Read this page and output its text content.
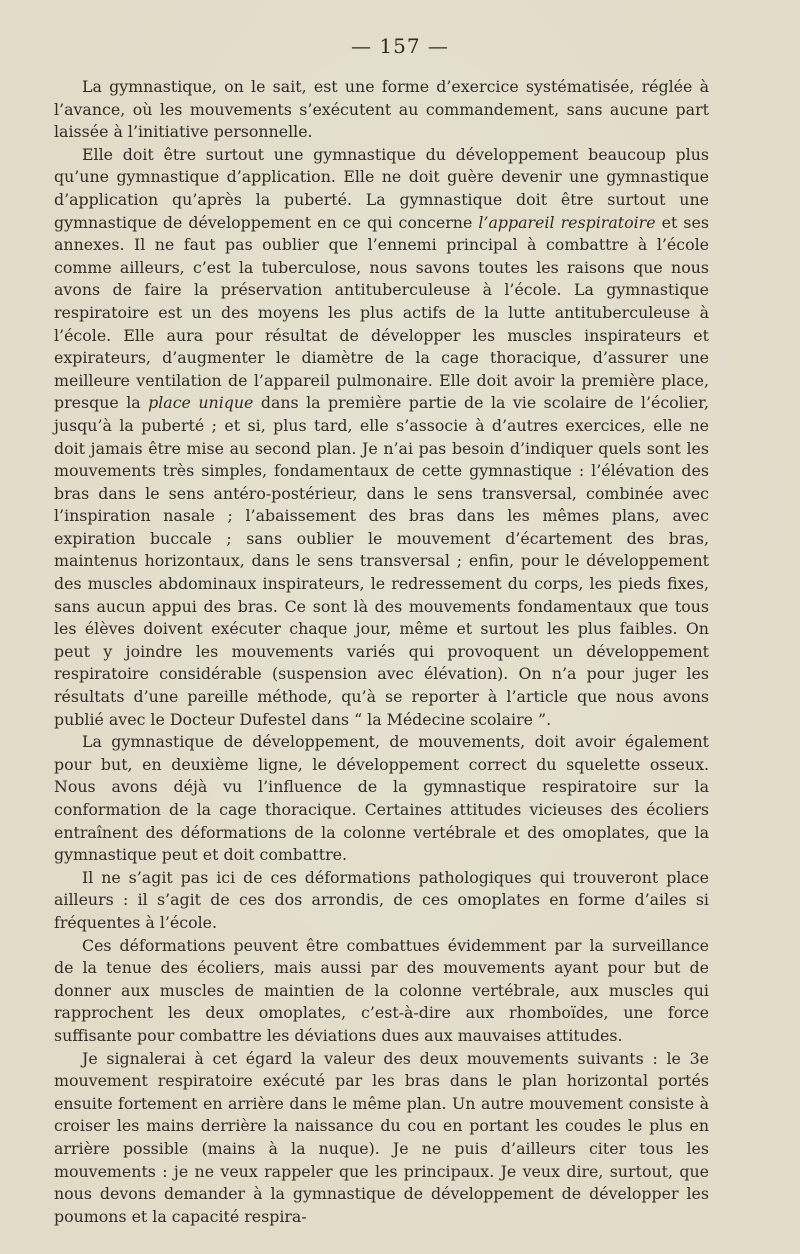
— 157 —

La gymnastique, on le sait, est une forme d’exercice systématisée, réglée à l’avance, où les mouvements s’exécutent au commandement, sans aucune part laissée à l’initiative personnelle.

Elle doit être surtout une gymnastique du développement beaucoup plus qu’une gymnastique d’application. Elle ne doit guère devenir une gymnastique d’application qu’après la puberté. La gymnastique doit être surtout une gymnastique de développement en ce qui concerne l’appareil respiratoire et ses annexes. Il ne faut pas oublier que l’ennemi principal à combattre à l’école comme ailleurs, c’est la tuberculose, nous savons toutes les raisons que nous avons de faire la préservation antituberculeuse à l’école. La gymnastique respiratoire est un des moyens les plus actifs de la lutte antituberculeuse à l’école. Elle aura pour résultat de développer les muscles inspirateurs et expirateurs, d’augmenter le diamètre de la cage thoracique, d’assurer une meilleure ventilation de l’appareil pulmonaire. Elle doit avoir la première place, presque la place unique dans la première partie de la vie scolaire de l’écolier, jusqu’à la puberté ; et si, plus tard, elle s’associe à d’autres exercices, elle ne doit jamais être mise au second plan. Je n’ai pas besoin d’indiquer quels sont les mouvements très simples, fondamentaux de cette gymnastique : l’élévation des bras dans le sens antéro-postérieur, dans le sens transversal, combinée avec l’inspiration nasale ; l’abaissement des bras dans les mêmes plans, avec expiration buccale ; sans oublier le mouvement d’écartement des bras, maintenus horizontaux, dans le sens transversal ; enfin, pour le développement des muscles abdominaux inspirateurs, le redressement du corps, les pieds fixes, sans aucun appui des bras. Ce sont là des mouvements fondamentaux que tous les élèves doivent exécuter chaque jour, même et surtout les plus faibles. On peut y joindre les mouvements variés qui provoquent un développement respiratoire considérable (suspension avec élévation). On n’a pour juger les résultats d’une pareille méthode, qu’à se reporter à l’article que nous avons publié avec le Docteur Dufestel dans “ la Médecine scolaire ”.

La gymnastique de développement, de mouvements, doit avoir également pour but, en deuxième ligne, le développement correct du squelette osseux. Nous avons déjà vu l’influence de la gymnastique respiratoire sur la conformation de la cage thoracique. Certaines attitudes vicieuses des écoliers entraînent des déformations de la colonne vertébrale et des omoplates, que la gymnastique peut et doit combattre.

Il ne s’agit pas ici de ces déformations pathologiques qui trouveront place ailleurs : il s’agit de ces dos arrondis, de ces omoplates en forme d’ailes si fréquentes à l’école.

Ces déformations peuvent être combattues évidemment par la surveillance de la tenue des écoliers, mais aussi par des mouvements ayant pour but de donner aux muscles de maintien de la colonne vertébrale, aux muscles qui rapprochent les deux omoplates, c’est-à-dire aux rhomboïdes, une force suffisante pour combattre les déviations dues aux mauvaises attitudes.

Je signalerai à cet égard la valeur des deux mouvements suivants : le 3e mouvement respiratoire exécuté par les bras dans le plan horizontal portés ensuite fortement en arrière dans le même plan. Un autre mouvement consiste à croiser les mains derrière la naissance du cou en portant les coudes le plus en arrière possible (mains à la nuque). Je ne puis d’ailleurs citer tous les mouvements : je ne veux rappeler que les principaux. Je veux dire, surtout, que nous devons demander à la gymnastique de développement de développer les poumons et la capacité respira-
